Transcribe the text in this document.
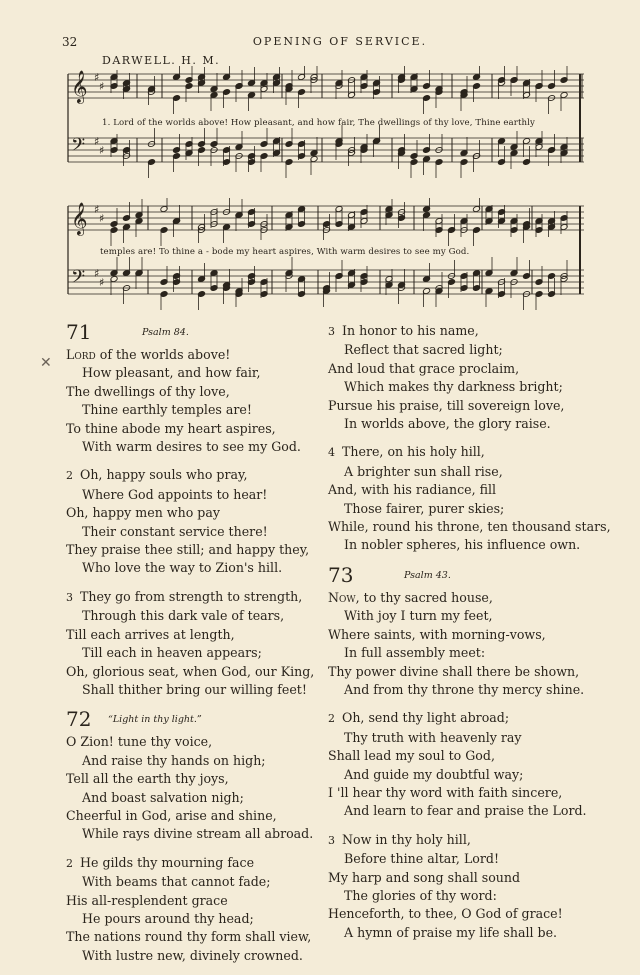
32	OPENING OF SERVICE.
DARWELL. H. M.
𝄞
𝄢
♯
♯
♯
♯
1. Lord of the worlds above! How pleasant, and how fair, The dwellings of thy love, Thine earthly
𝄞
𝄢
♯
♯
♯
♯
temples are! To thine a - bode my heart aspires, With warm desires to see my God.
✕
71	Psalm 84.
Lord of the worlds above!
How pleasant, and how fair,
The dwellings of thy love,
Thine earthly temples are!
To thine abode my heart aspires,
With warm desires to see my God.
2 Oh, happy souls who pray,
Where God appoints to hear!
Oh, happy men who pay
Their constant service there!
They praise thee still; and happy they,
Who love the way to Zion's hill.
3 They go from strength to strength,
Through this dark vale of tears,
Till each arrives at length,
Till each in heaven appears;
Oh, glorious seat, when God, our King,
Shall thither bring our willing feet!
72 “Light in thy light.”
O Zion! tune thy voice,
And raise thy hands on high;
Tell all the earth thy joys,
And boast salvation nigh;
Cheerful in God, arise and shine,
While rays divine stream all abroad.
2 He gilds thy mourning face
With beams that cannot fade;
His all-resplendent grace
He pours around thy head;
The nations round thy form shall view,
With lustre new, divinely crowned.
3 In honor to his name,
Reflect that sacred light;
And loud that grace proclaim,
Which makes thy darkness bright;
Pursue his praise, till sovereign love,
In worlds above, the glory raise.
4 There, on his holy hill,
A brighter sun shall rise,
And, with his radiance, fill
Those fairer, purer skies;
While, round his throne, ten thousand stars,
In nobler spheres, his influence own.
73	Psalm 43.
Now, to thy sacred house,
With joy I turn my feet,
Where saints, with morning-vows,
In full assembly meet:
Thy power divine shall there be shown,
And from thy throne thy mercy shine.
2 Oh, send thy light abroad;
Thy truth with heavenly ray
Shall lead my soul to God,
And guide my doubtful way;
I 'll hear thy word with faith sincere,
And learn to fear and praise the Lord.
3 Now in thy holy hill,
Before thine altar, Lord!
My harp and song shall sound
The glories of thy word:
Henceforth, to thee, O God of grace!
A hymn of praise my life shall be.
